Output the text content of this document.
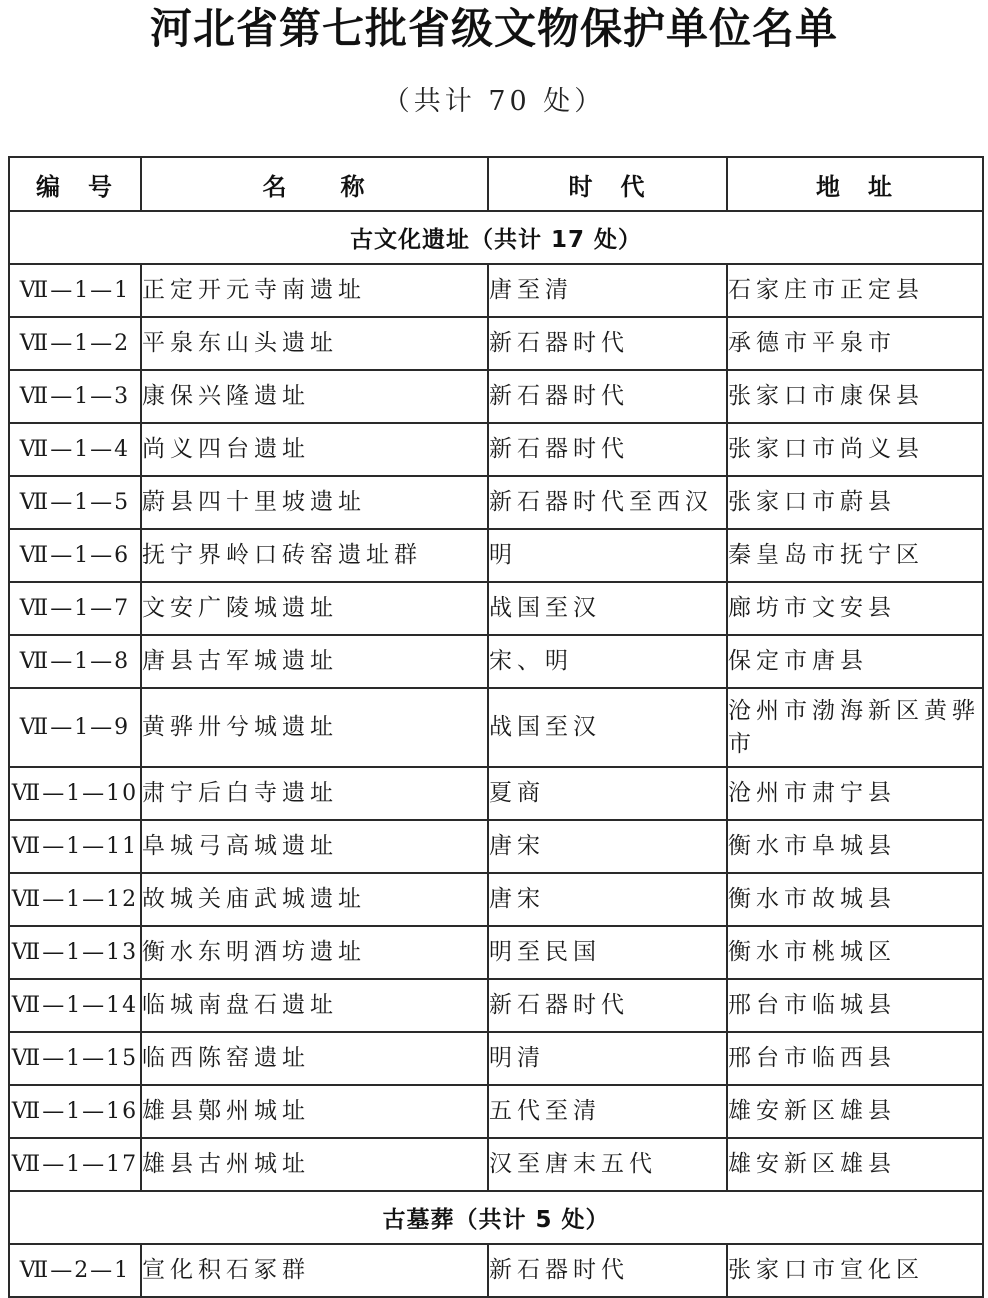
河北省第七批省级文物保护单位名单
（共计 70 处）
编　号	名　　称	时　代	地　址
古文化遗址（共计 17 处）			
Ⅶ—1—1	正定开元寺南遗址	唐至清	石家庄市正定县
Ⅶ—1—2	平泉东山头遗址	新石器时代	承德市平泉市
Ⅶ—1—3	康保兴隆遗址	新石器时代	张家口市康保县
Ⅶ—1—4	尚义四台遗址	新石器时代	张家口市尚义县
Ⅶ—1—5	蔚县四十里坡遗址	新石器时代至西汉	张家口市蔚县
Ⅶ—1—6	抚宁界岭口砖窑遗址群	明	秦皇岛市抚宁区
Ⅶ—1—7	文安广陵城遗址	战国至汉	廊坊市文安县
Ⅶ—1—8	唐县古军城遗址	宋、明	保定市唐县
Ⅶ—1—9	黄骅卅兮城遗址	战国至汉	沧州市渤海新区黄骅市
Ⅶ—1—10	肃宁后白寺遗址	夏商	沧州市肃宁县
Ⅶ—1—11	阜城弓高城遗址	唐宋	衡水市阜城县
Ⅶ—1—12	故城关庙武城遗址	唐宋	衡水市故城县
Ⅶ—1—13	衡水东明酒坊遗址	明至民国	衡水市桃城区
Ⅶ—1—14	临城南盘石遗址	新石器时代	邢台市临城县
Ⅶ—1—15	临西陈窑遗址	明清	邢台市临西县
Ⅶ—1—16	雄县鄚州城址	五代至清	雄安新区雄县
Ⅶ—1—17	雄县古州城址	汉至唐末五代	雄安新区雄县
古墓葬（共计 5 处）			
Ⅶ—2—1	宣化积石冢群	新石器时代	张家口市宣化区
